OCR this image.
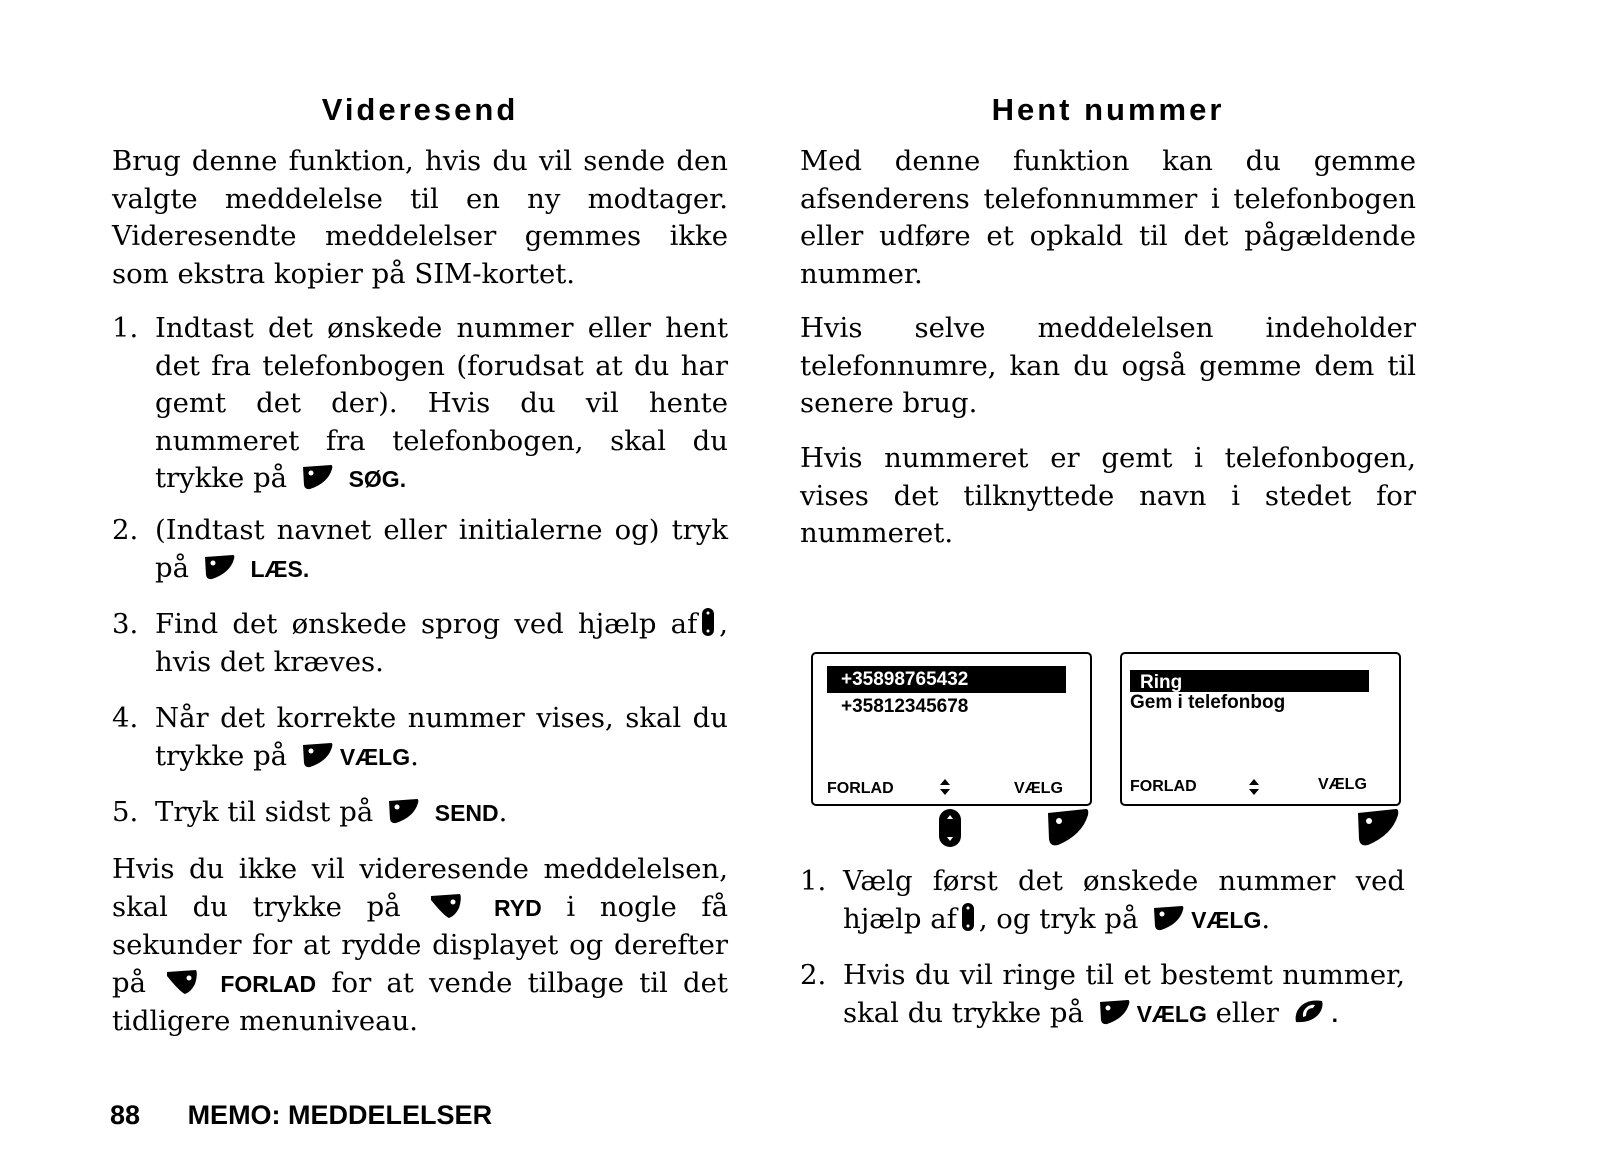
Videresend

Brug denne funktion, hvis du vil sende den valgte meddelelse til en ny modtager. Videresendte meddelelser gemmes ikke som ekstra kopier på SIM-kortet.

1. Indtast det ønskede nummer eller hent det fra telefonbogen (forudsat at du har gemt det der). Hvis du vil hente nummeret fra telefonbogen, skal du trykke på	SØG.
2. (Indtast navnet eller initialerne og) tryk på	LÆS.
3. Find det ønskede sprog ved hjælp af , hvis det kræves.
4. Når det korrekte nummer vises, skal du trykke på VÆLG.
5. Tryk til sidst på	SEND.

Hvis du ikke vil videresende meddelelsen, skal du trykke på	RYD i nogle få sekunder for at rydde displayet og derefter på	FORLAD for at vende tilbage til det tidligere menuniveau.

Hent nummer

Med denne funktion kan du gemme afsenderens telefonnummer i telefonbogen eller udføre et opkald til det pågældende nummer.

Hvis selve meddelelsen indeholder telefonnumre, kan du også gemme dem til senere brug.

Hvis nummeret er gemt i telefonbogen, vises det tilknyttede navn i stedet for nummeret.

+35898765432
+35812345678
FORLAD	VÆLG
Ring
Gem i telefonbog
FORLAD	VÆLG
1. Vælg først det ønskede nummer ved hjælp af , og tryk på VÆLG.
2. Hvis du vil ringe til et bestemt nummer, skal du trykke på VÆLG eller .
88 MEMO: MEDDELELSER
